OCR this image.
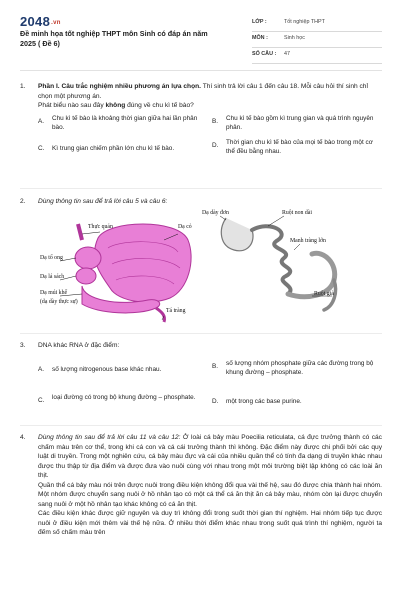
2048.vn
Đề minh họa tốt nghiệp THPT môn Sinh có đáp án năm 2025 ( Đề 6)
LỚP :	Tốt nghiệp THPT
MÔN :	Sinh học
SỐ CÂU : 47
1. Phần I. Câu trắc nghiệm nhiều phương án lựa chọn. Thí sinh trả lời câu 1 đến câu 18. Mỗi câu hỏi thí sinh chỉ chọn một phương án.

Phát biểu nào sau đây không đúng về chu kì tế bào?

A. Chu kì tế bào là khoảng thời gian giữa hai lần phân bào.
B. Chu kì tế bào gồm kì trung gian và quá trình nguyên phân.
C. Kì trung gian chiếm phần lớn chu kì tế bào.	D. Thời gian chu kì tế bào của mọi tế bào trong một cơ thể đều bằng nhau.
2. Dùng thông tin sau để trả lời câu 5 và câu 6:

Thực quản	Dạ cỏ
Dạ tổ ong
Dạ lá sách
Dạ múi khế
(dạ dày thực sự)
Tá tràng
Dạ dày đơn	Ruột non dài
Manh tràng lớn
Ruột già
3. DNA khác RNA ở đặc điểm:

A. số lượng nitrogenous base khác nhau.	B. số lượng nhóm phosphate giữa các đường trong bộ khung đường – phosphate.
C. loại đường có trong bộ khung đường – phosphate.
D. một trong các base purine.
4. Dùng thông tin sau để trả lời câu 11 và câu 12: Ở loài cá bảy màu Poecilia reticulata, cá đực trưởng thành có các chấm màu trên cơ thể, trong khi cá con và cá cái trưởng thành thì không. Đặc điểm này được chi phối bởi các quy luật di truyền. Trong một nghiên cứu, cá bảy màu đực và cái của nhiều quần thể có tính đa dạng di truyền khác nhau được thu thập từ địa điểm và được đưa vào nuôi cùng với nhau trong một môi trường biệt lập không có các loài ăn thịt.

Quần thể cá bảy màu nói trên được nuôi trong điều kiện không đổi qua vài thế hệ, sau đó được chia thành hai nhóm. Một nhóm được chuyển sang nuôi ở hồ nhân tạo có một cá thể cá ăn thịt ăn cá bảy màu, nhóm còn lại được chuyển sang nuôi ở một hồ nhân tạo khác không có cá ăn thịt.

Các điều kiện khác được giữ nguyên và duy trì không đổi trong suốt thời gian thí nghiệm. Hai nhóm tiếp tục được nuôi ở điều kiện mới thêm vài thế hệ nữa. Ở nhiều thời điểm khác nhau trong suốt quá trình thí nghiệm, người ta đếm số chấm màu trên
